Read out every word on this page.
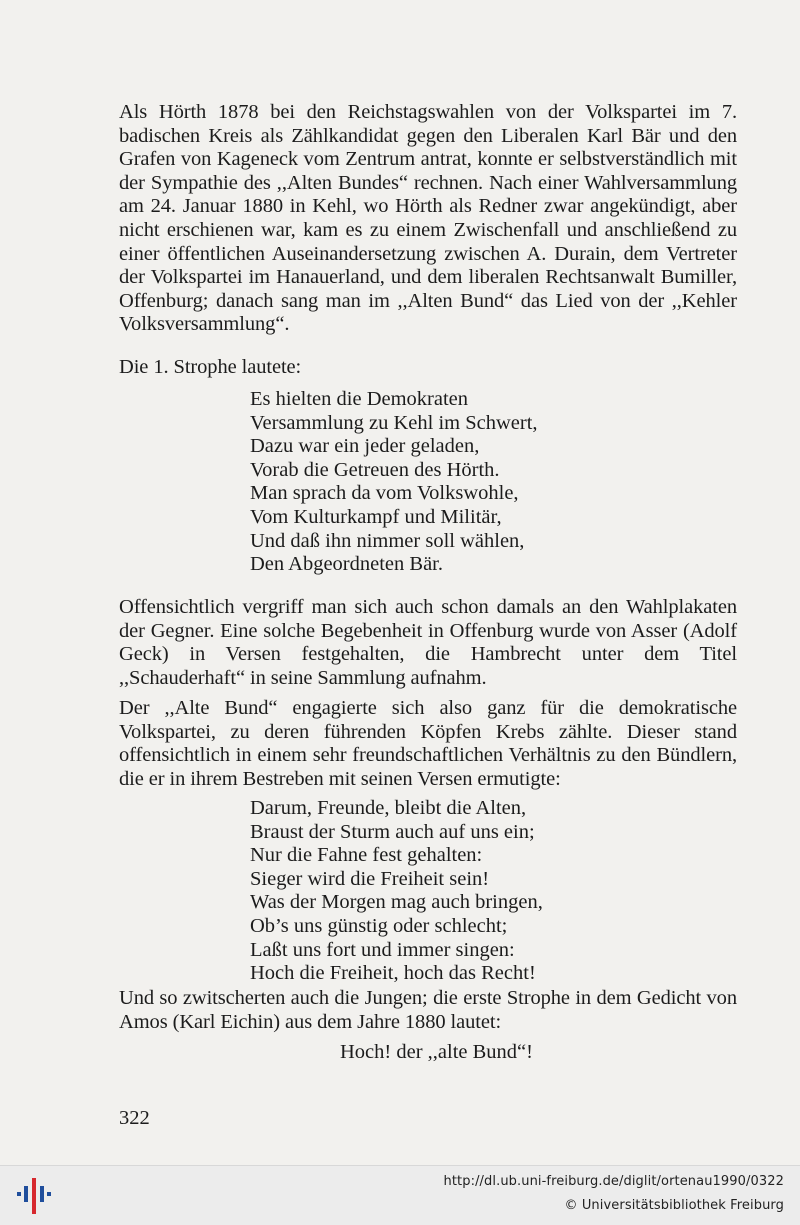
Als Hörth 1878 bei den Reichstagswahlen von der Volkspartei im 7. badischen Kreis als Zählkandidat gegen den Liberalen Karl Bär und den Grafen von Kageneck vom Zentrum antrat, konnte er selbstverständlich mit der Sympathie des ,,Alten Bundes“ rechnen. Nach einer Wahlversammlung am 24. Januar 1880 in Kehl, wo Hörth als Redner zwar angekündigt, aber nicht erschienen war, kam es zu einem Zwischenfall und anschließend zu einer öffentlichen Auseinandersetzung zwischen A. Durain, dem Vertreter der Volkspartei im Hanauerland, und dem liberalen Rechtsanwalt Bumiller, Offenburg; danach sang man im ,,Alten Bund“ das Lied von der ,,Kehler Volksversammlung“.

Die 1. Strophe lautete:

Es hielten die Demokraten
Versammlung zu Kehl im Schwert,
Dazu war ein jeder geladen,
Vorab die Getreuen des Hörth.
Man sprach da vom Volkswohle,
Vom Kulturkampf und Militär,
Und daß ihn nimmer soll wählen,
Den Abgeordneten Bär.

Offensichtlich vergriff man sich auch schon damals an den Wahlplakaten der Gegner. Eine solche Begebenheit in Offenburg wurde von Asser (Adolf Geck) in Versen festgehalten, die Hambrecht unter dem Titel ,,Schauderhaft“ in seine Sammlung aufnahm.

Der ,,Alte Bund“ engagierte sich also ganz für die demokratische Volkspartei, zu deren führenden Köpfen Krebs zählte. Dieser stand offensichtlich in einem sehr freundschaftlichen Verhältnis zu den Bündlern, die er in ihrem Bestreben mit seinen Versen ermutigte:

Darum, Freunde, bleibt die Alten,
Braust der Sturm auch auf uns ein;
Nur die Fahne fest gehalten:
Sieger wird die Freiheit sein!
Was der Morgen mag auch bringen,
Ob’s uns günstig oder schlecht;
Laßt uns fort und immer singen:
Hoch die Freiheit, hoch das Recht!

Und so zwitscherten auch die Jungen; die erste Strophe in dem Gedicht von Amos (Karl Eichin) aus dem Jahre 1880 lautet:

Hoch! der ,,alte Bund“!
322
http://dl.ub.uni-freiburg.de/diglit/ortenau1990/0322
© Universitätsbibliothek Freiburg
